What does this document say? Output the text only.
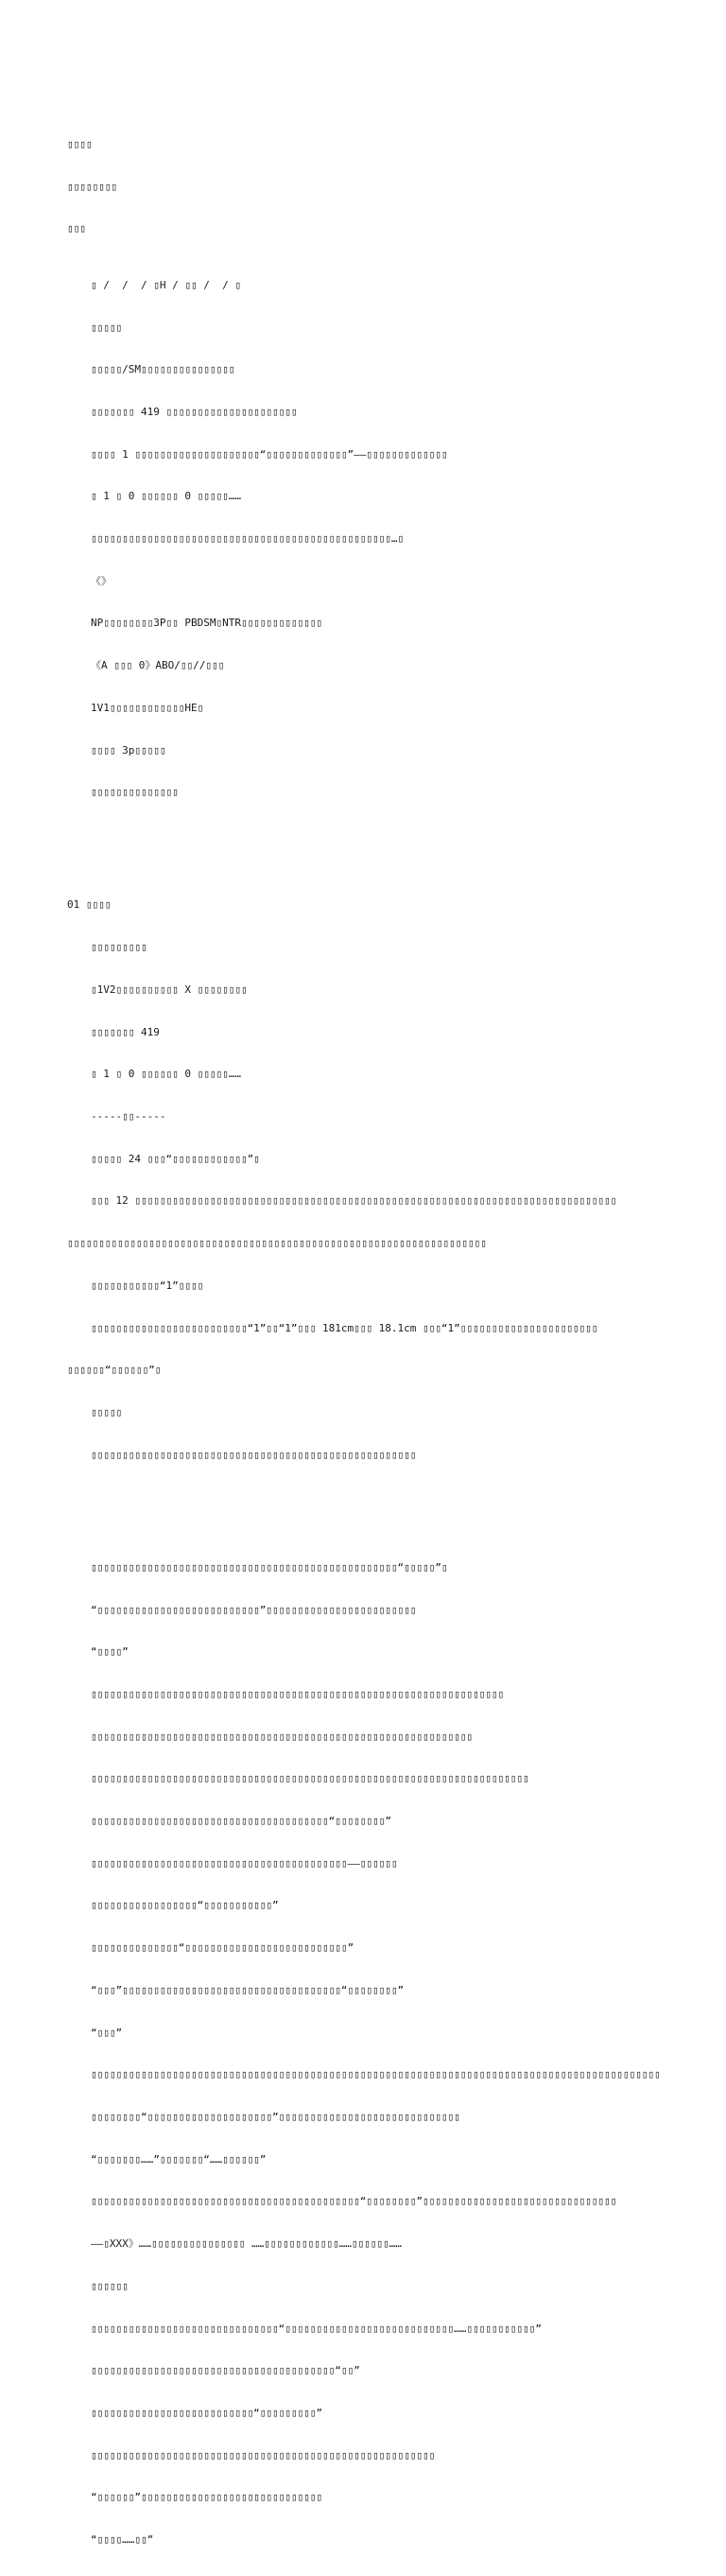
▯▯▯▯

▯▯▯▯▯▯▯▯

▯▯▯

▯ /  /  / ▯H / ▯▯ /  / ▯

▯▯▯▯▯

▯▯▯▯▯/SM▯▯▯▯▯▯▯▯▯▯▯▯▯▯▯

▯▯▯▯▯▯▯ 419 ▯▯▯▯▯▯▯▯▯▯▯▯▯▯▯▯▯▯▯▯▯

▯▯▯▯ 1 ▯▯▯▯▯▯▯▯▯▯▯▯▯▯▯▯▯▯▯▯“▯▯▯▯▯▯▯▯▯▯▯▯▯”——▯▯▯▯▯▯▯▯▯▯▯▯▯

▯ 1 ▯ 0 ▯▯▯▯▯▯ 0 ▯▯▯▯▯……

▯▯▯▯▯▯▯▯▯▯▯▯▯▯▯▯▯▯▯▯▯▯▯▯▯▯▯▯▯▯▯▯▯▯▯▯▯▯▯▯▯▯▯▯▯▯▯▯…▯

《》

NP▯▯▯▯▯▯▯▯3P▯▯ PBDSM▯NTR▯▯▯▯▯▯▯▯▯▯▯▯▯

《A ▯▯▯ 0》ABO/▯▯//▯▯▯

1V1▯▯▯▯▯▯▯▯▯▯▯▯HE▯

▯▯▯▯ 3p▯▯▯▯▯

▯▯▯▯▯▯▯▯▯▯▯▯▯▯

01 ▯▯▯▯

▯▯▯▯▯▯▯▯▯

▯1V2▯▯▯▯▯▯▯▯▯▯ X ▯▯▯▯▯▯▯▯

▯▯▯▯▯▯▯ 419

▯ 1 ▯ 0 ▯▯▯▯▯▯ 0 ▯▯▯▯▯……

-----▯▯-----

▯▯▯▯▯ 24 ▯▯▯“▯▯▯▯▯▯▯▯▯▯▯▯”▯

▯▯▯ 12 ▯▯▯▯▯▯▯▯▯▯▯▯▯▯▯▯▯▯▯▯▯▯▯▯▯▯▯▯▯▯▯▯▯▯▯▯▯▯▯▯▯▯▯▯▯▯▯▯▯▯▯▯▯▯▯▯▯▯▯▯▯▯▯▯▯▯▯▯▯▯▯▯▯▯▯▯▯

▯▯▯▯▯▯▯▯▯▯▯▯▯▯▯▯▯▯▯▯▯▯▯▯▯▯▯▯▯▯▯▯▯▯▯▯▯▯▯▯▯▯▯▯▯▯▯▯▯▯▯▯▯▯▯▯▯▯▯▯▯▯▯▯▯▯▯

▯▯▯▯▯▯▯▯▯▯▯“1”▯▯▯▯

▯▯▯▯▯▯▯▯▯▯▯▯▯▯▯▯▯▯▯▯▯▯▯▯▯“1”▯▯“1”▯▯▯ 181cm▯▯▯ 18.1cm ▯▯▯“1”▯▯▯▯▯▯▯▯▯▯▯▯▯▯▯▯▯▯▯▯▯▯

▯▯▯▯▯▯“▯▯▯▯▯▯”▯

▯▯▯▯▯

▯▯▯▯▯▯▯▯▯▯▯▯▯▯▯▯▯▯▯▯▯▯▯▯▯▯▯▯▯▯▯▯▯▯▯▯▯▯▯▯▯▯▯▯▯▯▯▯▯▯▯▯

▯▯▯▯▯▯▯▯▯▯▯▯▯▯▯▯▯▯▯▯▯▯▯▯▯▯▯▯▯▯▯▯▯▯▯▯▯▯▯▯▯▯▯▯▯▯▯▯▯“▯▯▯▯▯”▯

“▯▯▯▯▯▯▯▯▯▯▯▯▯▯▯▯▯▯▯▯▯▯▯▯▯▯”▯▯▯▯▯▯▯▯▯▯▯▯▯▯▯▯▯▯▯▯▯▯▯▯

“▯▯▯▯”

▯▯▯▯▯▯▯▯▯▯▯▯▯▯▯▯▯▯▯▯▯▯▯▯▯▯▯▯▯▯▯▯▯▯▯▯▯▯▯▯▯▯▯▯▯▯▯▯▯▯▯▯▯▯▯▯▯▯▯▯▯▯▯▯▯▯

▯▯▯▯▯▯▯▯▯▯▯▯▯▯▯▯▯▯▯▯▯▯▯▯▯▯▯▯▯▯▯▯▯▯▯▯▯▯▯▯▯▯▯▯▯▯▯▯▯▯▯▯▯▯▯▯▯▯▯▯▯

▯▯▯▯▯▯▯▯▯▯▯▯▯▯▯▯▯▯▯▯▯▯▯▯▯▯▯▯▯▯▯▯▯▯▯▯▯▯▯▯▯▯▯▯▯▯▯▯▯▯▯▯▯▯▯▯▯▯▯▯▯▯▯▯▯▯▯▯▯▯

▯▯▯▯▯▯▯▯▯▯▯▯▯▯▯▯▯▯▯▯▯▯▯▯▯▯▯▯▯▯▯▯▯▯▯▯▯▯“▯▯▯▯▯▯▯▯”

▯▯▯▯▯▯▯▯▯▯▯▯▯▯▯▯▯▯▯▯▯▯▯▯▯▯▯▯▯▯▯▯▯▯▯▯▯▯▯▯▯——▯▯▯▯▯▯

▯▯▯▯▯▯▯▯▯▯▯▯▯▯▯▯▯“▯▯▯▯▯▯▯▯▯▯▯”

▯▯▯▯▯▯▯▯▯▯▯▯▯▯“▯▯▯▯▯▯▯▯▯▯▯▯▯▯▯▯▯▯▯▯▯▯▯▯▯▯”

“▯▯▯”▯▯▯▯▯▯▯▯▯▯▯▯▯▯▯▯▯▯▯▯▯▯▯▯▯▯▯▯▯▯▯▯▯▯▯“▯▯▯▯▯▯▯▯”

“▯▯▯”

▯▯▯▯▯▯▯▯▯▯▯▯▯▯▯▯▯▯▯▯▯▯▯▯▯▯▯▯▯▯▯▯▯▯▯▯▯▯▯▯▯▯▯▯▯▯▯▯▯▯▯▯▯▯▯▯▯▯▯▯▯▯▯▯▯▯▯▯▯▯▯▯▯▯▯▯▯▯▯▯▯▯▯▯▯▯▯▯▯▯▯

▯▯▯▯▯▯▯▯“▯▯▯▯▯▯▯▯▯▯▯▯▯▯▯▯▯▯▯▯”▯▯▯▯▯▯▯▯▯▯▯▯▯▯▯▯▯▯▯▯▯▯▯▯▯▯▯▯▯

“▯▯▯▯▯▯▯……”▯▯▯▯▯▯▯“……▯▯▯▯▯▯”

▯▯▯▯▯▯▯▯▯▯▯▯▯▯▯▯▯▯▯▯▯▯▯▯▯▯▯▯▯▯▯▯▯▯▯▯▯▯▯▯▯▯▯“▯▯▯▯▯▯▯▯”▯▯▯▯▯▯▯▯▯▯▯▯▯▯▯▯▯▯▯▯▯▯▯▯▯▯▯▯▯▯▯

——▯XXX》……▯▯▯▯▯▯▯▯▯▯▯▯▯▯▯ ……▯▯▯▯▯▯▯▯▯▯▯▯……▯▯▯▯▯▯……

▯▯▯▯▯▯

▯▯▯▯▯▯▯▯▯▯▯▯▯▯▯▯▯▯▯▯▯▯▯▯▯▯▯▯▯▯“▯▯▯▯▯▯▯▯▯▯▯▯▯▯▯▯▯▯▯▯▯▯▯▯▯▯▯……▯▯▯▯▯▯▯▯▯▯▯”

▯▯▯▯▯▯▯▯▯▯▯▯▯▯▯▯▯▯▯▯▯▯▯▯▯▯▯▯▯▯▯▯▯▯▯▯▯▯▯“▯▯”

▯▯▯▯▯▯▯▯▯▯▯▯▯▯▯▯▯▯▯▯▯▯▯▯▯▯“▯▯▯▯▯▯▯▯▯”

▯▯▯▯▯▯▯▯▯▯▯▯▯▯▯▯▯▯▯▯▯▯▯▯▯▯▯▯▯▯▯▯▯▯▯▯▯▯▯▯▯▯▯▯▯▯▯▯▯▯▯▯▯▯▯

“▯▯▯▯▯▯”▯▯▯▯▯▯▯▯▯▯▯▯▯▯▯▯▯▯▯▯▯▯▯▯▯▯▯▯▯

“▯▯▯▯……▯▯”
